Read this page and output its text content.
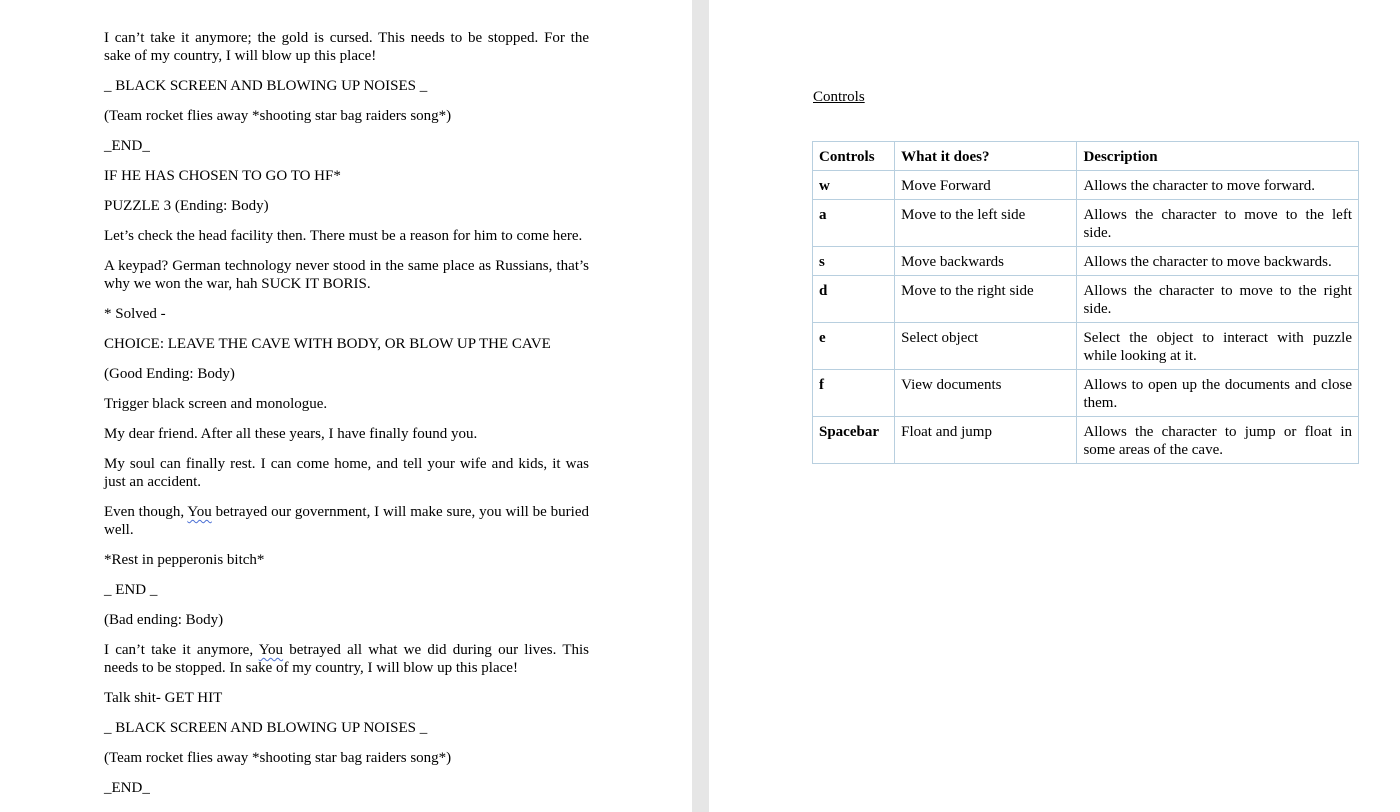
I can’t take it anymore; the gold is cursed. This needs to be stopped. For the sake of my country, I will blow up this place!

_ BLACK SCREEN AND BLOWING UP NOISES _

(Team rocket flies away *shooting star bag raiders song*)

_END_

IF HE HAS CHOSEN TO GO TO HF*

PUZZLE 3 (Ending: Body)

Let’s check the head facility then. There must be a reason for him to come here.

A keypad? German technology never stood in the same place as Russians, that’s why we won the war, hah SUCK IT BORIS.

* Solved -

CHOICE: LEAVE THE CAVE WITH BODY, OR BLOW UP THE CAVE

(Good Ending: Body)

Trigger black screen and monologue.

My dear friend. After all these years, I have finally found you.

My soul can finally rest. I can come home, and tell your wife and kids, it was just an accident.

Even though, You betrayed our government, I will make sure, you will be buried well.

*Rest in pepperonis bitch*

_ END _

(Bad ending: Body)

I can’t take it anymore, You betrayed all what we did during our lives. This needs to be stopped. In sake of my country, I will blow up this place!

Talk shit- GET HIT

_ BLACK SCREEN AND BLOWING UP NOISES _

(Team rocket flies away *shooting star bag raiders song*)

_END_

Controls

Controls	What it does?	Description
w	Move Forward	Allows the character to move forward.
a	Move to the left side	Allows the character to move to the left side.
s	Move backwards	Allows the character to move backwards.
d	Move to the right side	Allows the character to move to the right side.
e	Select object	Select the object to interact with puzzle while looking at it.
f	View documents	Allows to open up the documents and close them.
Spacebar	Float and jump	Allows the character to jump or float in some areas of the cave.
